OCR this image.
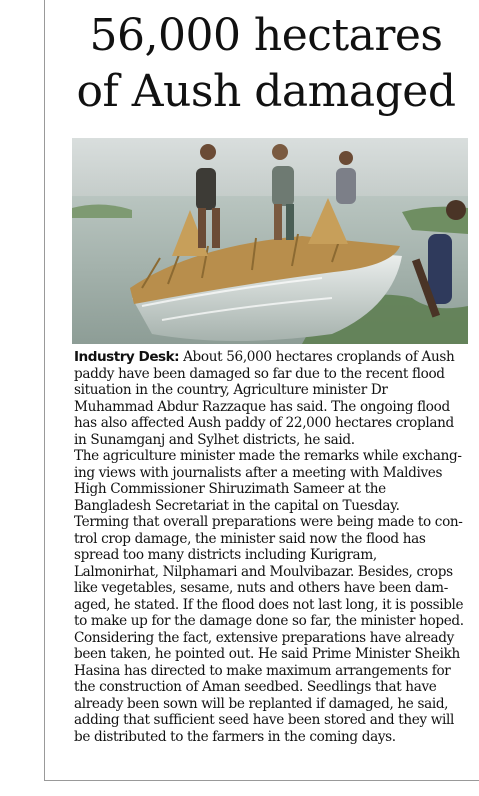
56,000 hectares
of Aush damaged

Industry Desk: About 56,000 hectares croplands of Aush
paddy have been damaged so far due to the recent flood
situation in the country, Agriculture minister Dr
Muhammad Abdur Razzaque has said. The ongoing flood
has also affected Aush paddy of 22,000 hectares cropland
in Sunamganj and Sylhet districts, he said.
The agriculture minister made the remarks while exchang-
ing views with journalists after a meeting with Maldives
High Commissioner Shiruzimath Sameer at the
Bangladesh Secretariat in the capital on Tuesday.
Terming that overall preparations were being made to con-
trol crop damage, the minister said now the flood has
spread too many districts including Kurigram,
Lalmonirhat, Nilphamari and Moulvibazar. Besides, crops
like vegetables, sesame, nuts and others have been dam-
aged, he stated. If the flood does not last long, it is possible
to make up for the damage done so far, the minister hoped.
Considering the fact, extensive preparations have already
been taken, he pointed out. He said Prime Minister Sheikh
Hasina has directed to make maximum arrangements for
the construction of Aman seedbed. Seedlings that have
already been sown will be replanted if damaged, he said,
adding that sufficient seed have been stored and they will
be distributed to the farmers in the coming days.
